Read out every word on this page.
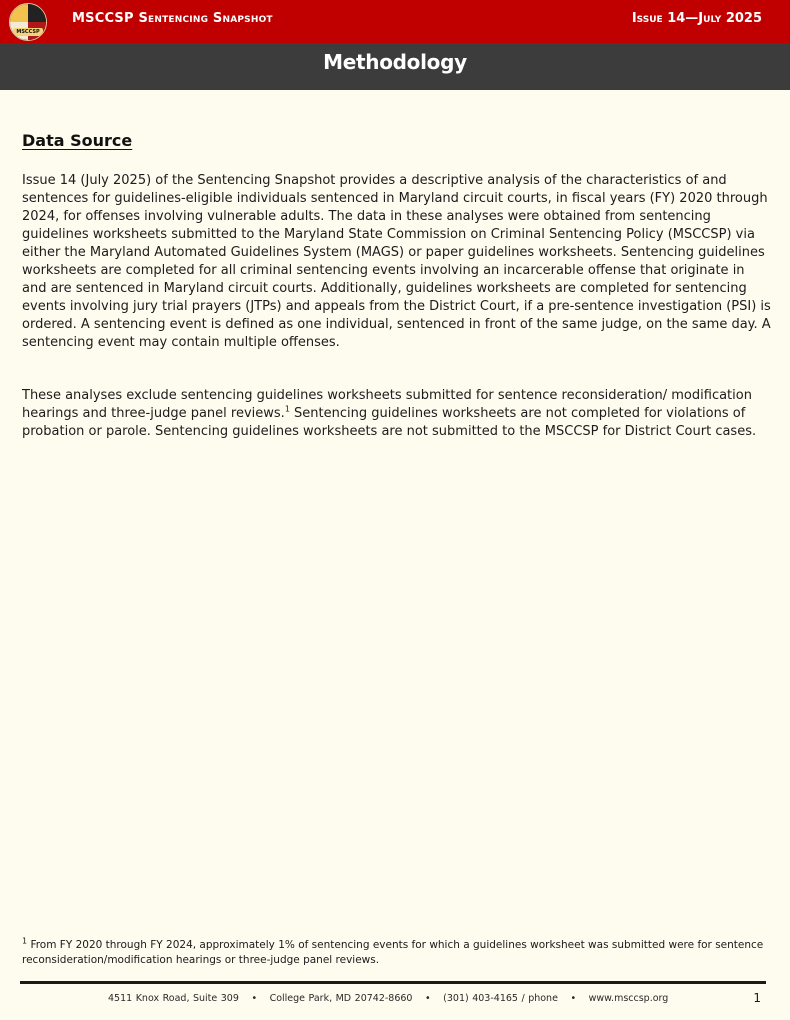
MSCCSP
MSCCSP Sentencing Snapshot	Issue 14—July 2025
Methodology
Data Source
Issue 14 (July 2025) of the Sentencing Snapshot provides a descriptive analysis of the characteristics of and sentences for guidelines-eligible individuals sentenced in Maryland circuit courts, in fiscal years (FY) 2020 through 2024, for offenses involving vulnerable adults. The data in these analyses were obtained from sentencing guidelines worksheets submitted to the Maryland State Commission on Criminal Sentencing Policy (MSCCSP) via either the Maryland Automated Guidelines System (MAGS) or paper guidelines worksheets. Sentencing guidelines worksheets are completed for all criminal sentencing events involving an incarcerable offense that originate in and are sentenced in Maryland circuit courts. Additionally, guidelines worksheets are completed for sentencing events involving jury trial prayers (JTPs) and appeals from the District Court, if a pre-sentence investigation (PSI) is ordered. A sentencing event is defined as one individual, sentenced in front of the same judge, on the same day. A sentencing event may contain multiple offenses.
These analyses exclude sentencing guidelines worksheets submitted for sentence reconsideration/ modification hearings and three-judge panel reviews.$^1$ Sentencing guidelines worksheets are not completed for violations of probation or parole. Sentencing guidelines worksheets are not submitted to the MSCCSP for District Court cases.
$^1$ From FY 2020 through FY 2024, approximately 1% of sentencing events for which a guidelines worksheet was submitted were for sentence reconsideration/modification hearings or three-judge panel reviews.
4511 Knox Road, Suite 309 • College Park, MD 20742-8660 • (301) 403-4165 / phone • www.msccsp.org	1
